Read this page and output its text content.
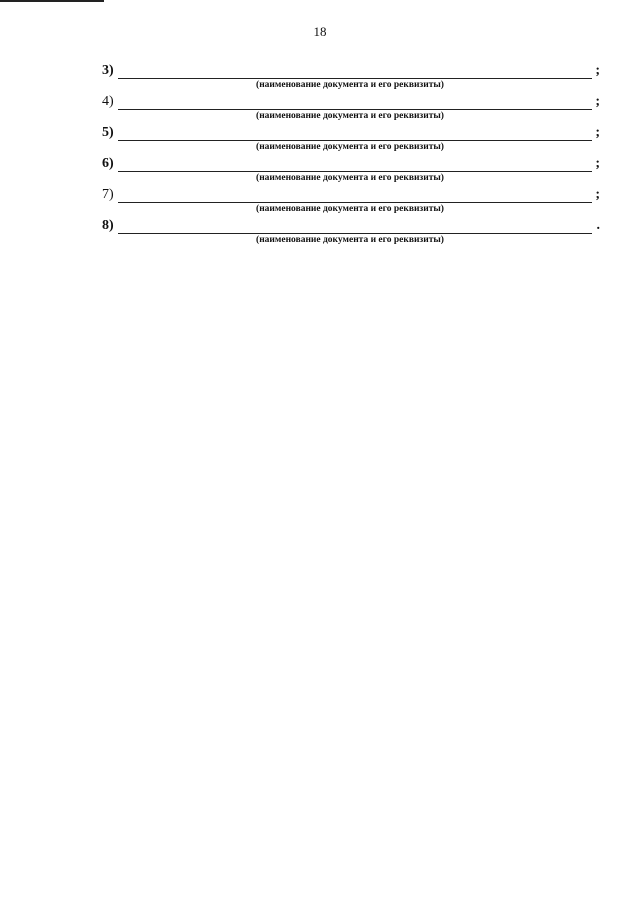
18
3)	;
(наименование документа и его реквизиты)
4)	;
(наименование документа и его реквизиты)
5)	;
(наименование документа и его реквизиты)
6)	;
(наименование документа и его реквизиты)
7)	;
(наименование документа и его реквизиты)
8)	.
(наименование документа и его реквизиты)
